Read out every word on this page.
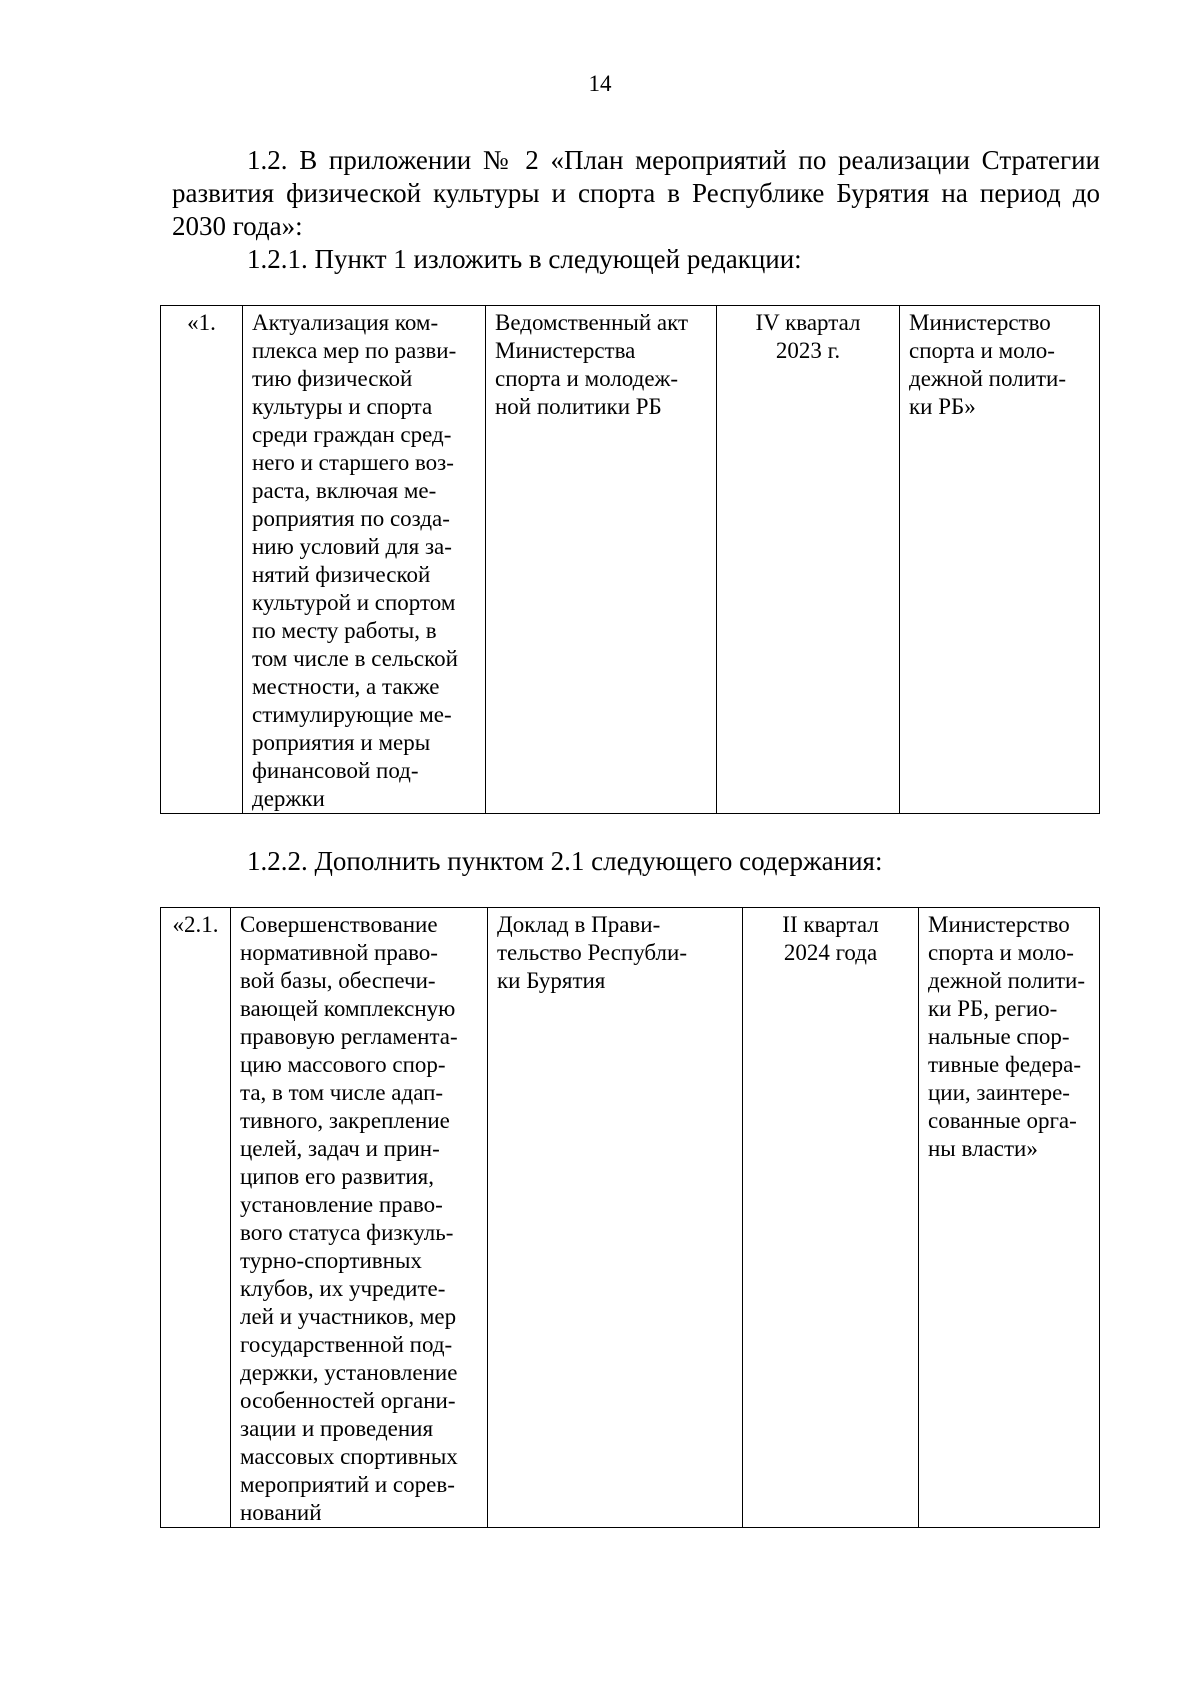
14

1.2. В приложении № 2 «План мероприятий по реализации Стратегии развития физической культуры и спорта в Республике Бурятия на период до 2030 года»:

1.2.1. Пункт 1 изложить в следующей редакции:

«1.	Актуализация ком-
плекса мер по разви-
тию физической
культуры и спорта
среди граждан сред-
него и старшего воз-
раста, включая ме-
роприятия по созда-
нию условий для за-
нятий физической
культурой и спортом
по месту работы, в
том числе в сельской
местности, а также
стимулирующие ме-
роприятия и меры
финансовой под-
держки	Ведомственный акт
Министерства
спорта и молодеж-
ной политики РБ	IV квартал
2023 г.	Министерство
спорта и моло-
дежной полити-
ки РБ»

1.2.2. Дополнить пунктом 2.1 следующего содержания:

«2.1.	Совершенствование
нормативной право-
вой базы, обеспечи-
вающей комплексную
правовую регламента-
цию массового спор-
та, в том числе адап-
тивного, закрепление
целей, задач и прин-
ципов его развития,
установление право-
вого статуса физкуль-
турно-спортивных
клубов, их учредите-
лей и участников, мер
государственной под-
держки, установление
особенностей органи-
зации и проведения
массовых спортивных
мероприятий и сорев-
нований	Доклад в Прави-
тельство Республи-
ки Бурятия	II квартал
2024 года	Министерство
спорта и моло-
дежной полити-
ки РБ, регио-
нальные спор-
тивные федера-
ции, заинтере-
сованные орга-
ны власти»
